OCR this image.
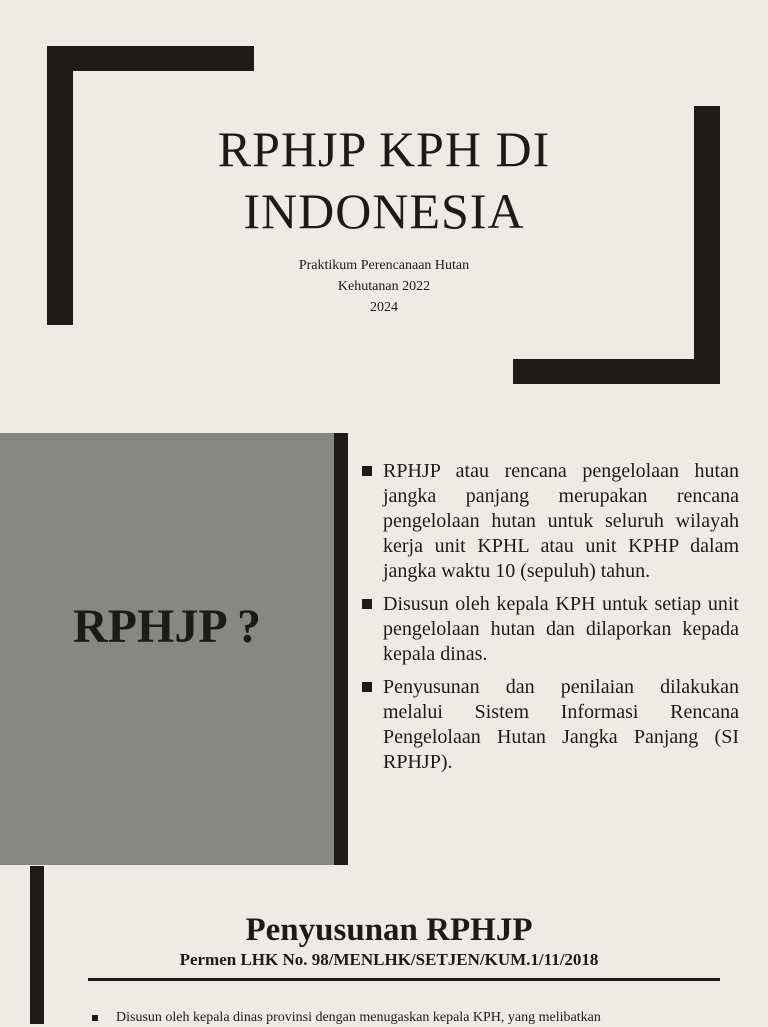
RPHJP KPH DI
INDONESIA
Praktikum Perencanaan Hutan
Kehutanan 2022
2024
RPHJP ?
RPHJP atau rencana pengelolaan hutan jangka panjang merupakan rencana pengelolaan hutan untuk seluruh wilayah kerja unit KPHL atau unit KPHP dalam jangka waktu 10 (sepuluh) tahun.
Disusun oleh kepala KPH untuk setiap unit pengelolaan hutan dan dilaporkan kepada kepala dinas.
Penyusunan dan penilaian dilakukan melalui Sistem Informasi Rencana Pengelolaan Hutan Jangka Panjang (SI RPHJP).
Penyusunan RPHJP
Permen LHK No. 98/MENLHK/SETJEN/KUM.1/11/2018
Disusun oleh kepala dinas provinsi dengan menugaskan kepala KPH, yang melibatkan
